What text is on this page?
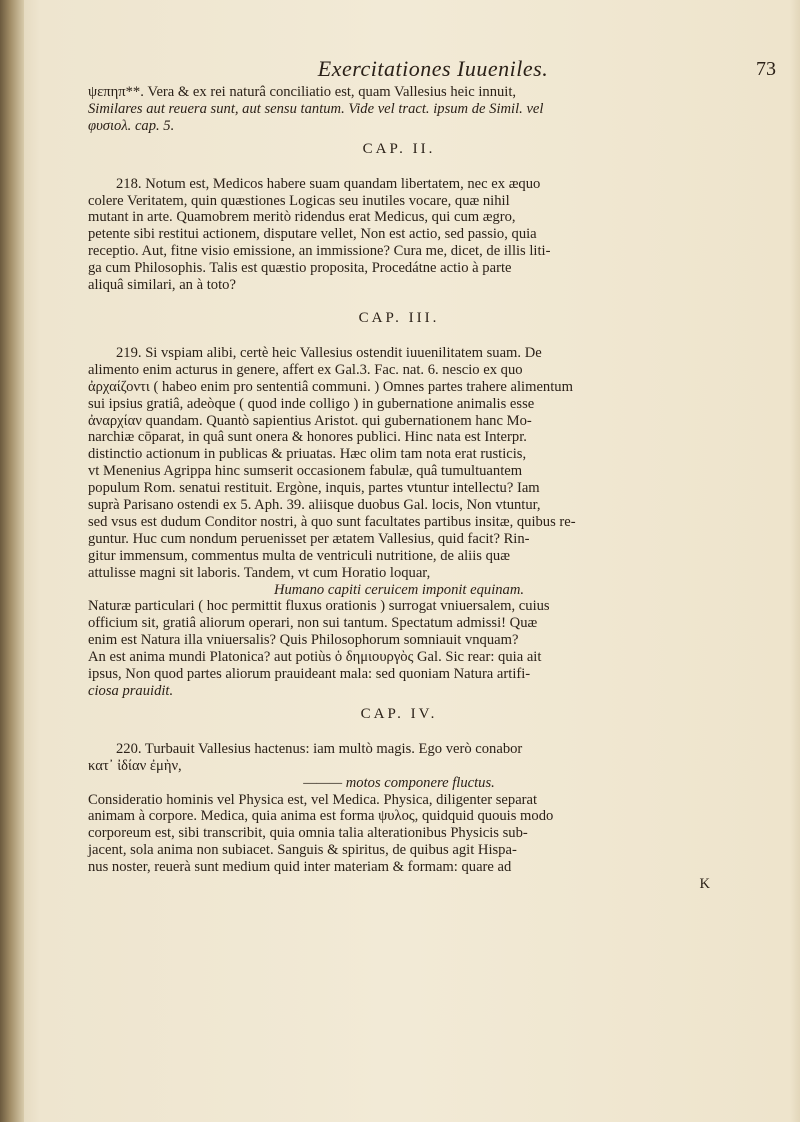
Exercitationes Iuueniles.	73

ψεπηπ**. Vera & ex rei naturâ conciliatio est, quam Vallesius heic innuit,

Similares aut reuera sunt, aut sensu tantum. Vide vel tract. ipsum de Simil. vel

φυσιολ. cap. 5.

CAP. II.

218. Notum est, Medicos habere suam quandam libertatem, nec ex æquo

colere Veritatem, quin quæstiones Logicas seu inutiles vocare, quæ nihil

mutant in arte. Quamobrem meritò ridendus erat Medicus, qui cum ægro,

petente sibi restitui actionem, disputare vellet, Non est actio, sed passio, quia

receptio. Aut, fitne visio emissione, an immissione? Cura me, dicet, de illis liti-

ga cum Philosophis. Talis est quæstio proposita, Procedátne actio à parte

aliquâ similari, an à toto?

CAP. III.

219. Si vspiam alibi, certè heic Vallesius ostendit iuuenilitatem suam. De

alimento enim acturus in genere, affert ex Gal.3. Fac. nat. 6. nescio ex quo

ἀρχαίζοντι ( habeo enim pro sententiâ communi. ) Omnes partes trahere alimentum

sui ipsius gratiâ, adeòque ( quod inde colligo ) in gubernatione animalis esse

ἀναρχίαν quandam. Quantò sapientius Aristot. qui gubernationem hanc Mo-

narchiæ cōparat, in quâ sunt onera & honores publici. Hinc nata est Interpr.

distinctio actionum in publicas & priuatas. Hæc olim tam nota erat rusticis,

vt Menenius Agrippa hinc sumserit occasionem fabulæ, quâ tumultuantem

populum Rom. senatui restituit. Ergòne, inquis, partes vtuntur intellectu? Iam

suprà Parisano ostendi ex 5. Aph. 39. aliisque duobus Gal. locis, Non vtuntur,

sed vsus est dudum Conditor nostri, à quo sunt facultates partibus insitæ, quibus re-

guntur. Huc cum nondum peruenisset per ætatem Vallesius, quid facit? Rin-

gitur immensum, commentus multa de ventriculi nutritione, de aliis quæ

attulisse magni sit laboris. Tandem, vt cum Horatio loquar,

Humano capiti ceruicem imponit equinam.

Naturæ particulari ( hoc permittit fluxus orationis ) surrogat vniuersalem, cuius

officium sit, gratiâ aliorum operari, non sui tantum. Spectatum admissi! Quæ

enim est Natura illa vniuersalis? Quis Philosophorum somniauit vnquam?

An est anima mundi Platonica? aut potiùs ὁ δημιουργὸς Gal. Sic rear: quia ait

ipsus, Non quod partes aliorum prauideant mala: sed quoniam Natura artifi-

ciosa prauidit.

CAP. IV.

220. Turbauit Vallesius hactenus: iam multò magis. Ego verò conabor

κατ᾽ ἰδίαν ἐμὴν,

——— motos componere fluctus.

Consideratio hominis vel Physica est, vel Medica. Physica, diligenter separat

animam à corpore. Medica, quia anima est forma ψυλος, quidquid quouis modo

corporeum est, sibi transcribit, quia omnia talia alterationibus Physicis sub-

jacent, sola anima non subiacet. Sanguis & spiritus, de quibus agit Hispa-

nus noster, reuerà sunt medium quid inter materiam & formam: quare ad

K
